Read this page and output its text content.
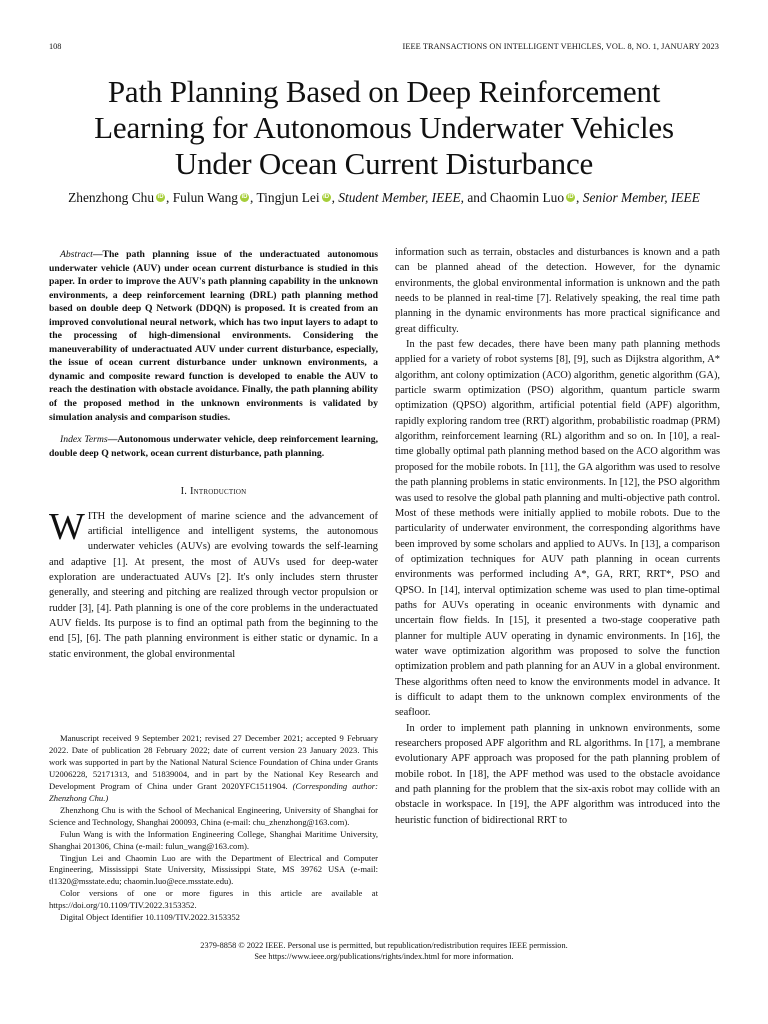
108	IEEE TRANSACTIONS ON INTELLIGENT VEHICLES, VOL. 8, NO. 1, JANUARY 2023
Path Planning Based on Deep Reinforcement Learning for Autonomous Underwater Vehicles Under Ocean Current Disturbance
Zhenzhong Chu iD , Fulun Wang iD , Tingjun Lei iD , Student Member, IEEE, and Chaomin Luo iD , Senior Member, IEEE

Abstract—The path planning issue of the underactuated autonomous underwater vehicle (AUV) under ocean current disturbance is studied in this paper. In order to improve the AUV's path planning capability in the unknown environments, a deep reinforcement learning (DRL) path planning method based on double deep Q Network (DDQN) is proposed. It is created from an improved convolutional neural network, which has two input layers to adapt to the processing of high-dimensional environments. Considering the maneuverability of underactuated AUV under current disturbance, especially, the issue of ocean current disturbance under unknown environments, a dynamic and composite reward function is developed to enable the AUV to reach the destination with obstacle avoidance. Finally, the path planning ability of the proposed method in the unknown environments is validated by simulation analysis and comparison studies.

Index Terms—Autonomous underwater vehicle, deep reinforcement learning, double deep Q network, ocean current disturbance, path planning.

I. Introduction

WITH the development of marine science and the advancement of artificial intelligence and intelligent systems, the autonomous underwater vehicles (AUVs) are evolving towards the self-learning and adaptive [1]. At present, the most of AUVs used for deep-water exploration are underactuated AUVs [2]. It's only includes stern thruster generally, and steering and pitching are realized through vector propulsion or rudder [3], [4]. Path planning is one of the core problems in the underactuated AUV fields. Its purpose is to find an optimal path from the beginning to the end [5], [6]. The path planning environment is either static or dynamic. In a static environment, the global environmental

Manuscript received 9 September 2021; revised 27 December 2021; accepted 9 February 2022. Date of publication 28 February 2022; date of current version 23 January 2023. This work was supported in part by the National Natural Science Foundation of China under Grants U2006228, 52171313, and 51839004, and in part by the National Key Research and Development Program of China under Grant 2020YFC1511904. (Corresponding author: Zhenzhong Chu.)

Zhenzhong Chu is with the School of Mechanical Engineering, University of Shanghai for Science and Technology, Shanghai 200093, China (e-mail: chu_zhenzhong@163.com).

Fulun Wang is with the Information Engineering College, Shanghai Maritime University, Shanghai 201306, China (e-mail: fulun_wang@163.com).

Tingjun Lei and Chaomin Luo are with the Department of Electrical and Computer Engineering, Mississippi State University, Mississippi State, MS 39762 USA (e-mail: tl1320@msstate.edu; chaomin.luo@ece.msstate.edu).

Color versions of one or more figures in this article are available at https://doi.org/10.1109/TIV.2022.3153352.

Digital Object Identifier 10.1109/TIV.2022.3153352

information such as terrain, obstacles and disturbances is known and a path can be planned ahead of the detection. However, for the dynamic environments, the global environmental information is unknown and the path needs to be planned in real-time [7]. Relatively speaking, the real time path planning in the dynamic environments has more practical significance and great difficulty.

In the past few decades, there have been many path planning methods applied for a variety of robot systems [8], [9], such as Dijkstra algorithm, A* algorithm, ant colony optimization (ACO) algorithm, genetic algorithm (GA), particle swarm optimization (PSO) algorithm, quantum particle swarm optimization (QPSO) algorithm, artificial potential field (APF) algorithm, rapidly exploring random tree (RRT) algorithm, probabilistic roadmap (PRM) algorithm, reinforcement learning (RL) algorithm and so on. In [10], a real-time globally optimal path planning method based on the ACO algorithm was proposed for the mobile robots. In [11], the GA algorithm was used to resolve the path planning problems in static environments. In [12], the PSO algorithm was used to resolve the global path planning and multi-objective path control. Most of these methods were initially applied to mobile robots. Due to the particularity of underwater environment, the corresponding algorithms have been improved by some scholars and applied to AUVs. In [13], a comparison of optimization techniques for AUV path planning in ocean currents environments was performed including A*, GA, RRT, RRT*, PSO and QPSO. In [14], interval optimization scheme was used to plan time-optimal paths for AUVs operating in oceanic environments with dynamic and uncertain flow fields. In [15], it presented a two-stage cooperative path planner for multiple AUV operating in dynamic environments. In [16], the water wave optimization algorithm was proposed to solve the function optimization problem and path planning for an AUV in a global environment. These algorithms often need to know the environments model in advance. It is difficult to adapt them to the unknown complex environments of the seafloor.

In order to implement path planning in unknown environments, some researchers proposed APF algorithm and RL algorithms. In [17], a membrane evolutionary APF approach was proposed for the path planning problem of mobile robot. In [18], the APF method was used to the obstacle avoidance and path planning for the problem that the six-axis robot may collide with an obstacle in workspace. In [19], the APF algorithm was introduced into the heuristic function of bidirectional RRT to

2379-8858 © 2022 IEEE. Personal use is permitted, but republication/redistribution requires IEEE permission.
See https://www.ieee.org/publications/rights/index.html for more information.
